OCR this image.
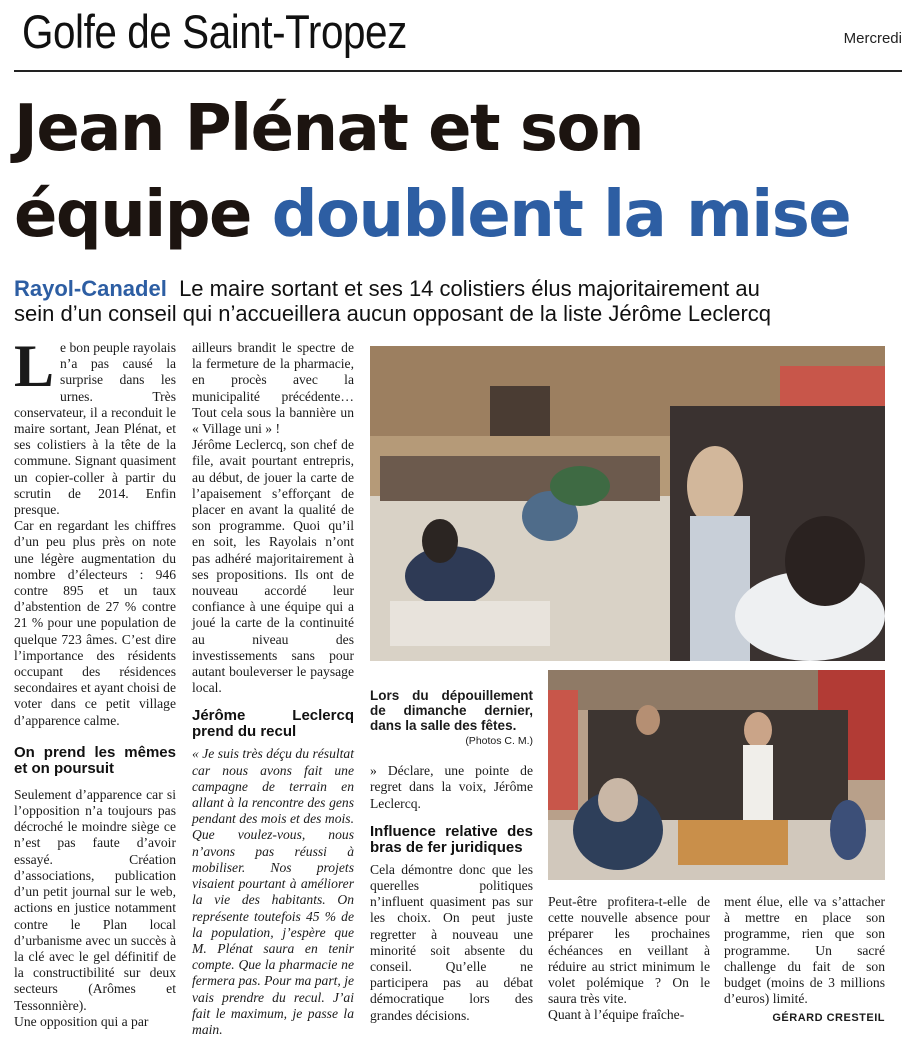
Golfe de Saint-Tropez	Mercredi
Jean Plénat et son
équipe doublent la mise
Rayol-Canadel Le maire sortant et ses 14 colistiers élus majoritairement au
sein d’un conseil qui n’accueillera aucun opposant de la liste Jérôme Leclercq

Le bon peuple rayolais n’a pas causé la surprise dans les urnes. Très conservateur, il a reconduit le maire sortant, Jean Plénat, et ses colistiers à la tête de la commune. Signant quasiment un copier-coller à partir du scrutin de 2014. Enfin presque.

Car en regardant les chiffres d’un peu plus près on note une légère augmentation du nombre d’électeurs : 946 contre 895 et un taux d’abstention de 27 % contre 21 % pour une population de quelque 723 âmes. C’est dire l’importance des résidents occupant des résidences secondaires et ayant choisi de voter dans ce petit village d’apparence calme.

On prend les mêmes et on poursuit

Seulement d’apparence car si l’opposition n’a toujours pas décroché le moindre siège ce n’est pas faute d’avoir essayé. Création d’associations, publication d’un petit journal sur le web, actions en justice notamment contre le Plan local d’urbanisme avec un succès à la clé avec le gel définitif de la constructibilité sur deux secteurs (Arômes et Tessonnière).

Une opposition qui a par

ailleurs brandit le spectre de la fermeture de la pharmacie, en procès avec la municipalité précédente… Tout cela sous la bannière un « Village uni » !

Jérôme Leclercq, son chef de file, avait pourtant entrepris, au début, de jouer la carte de l’apaisement s’efforçant de placer en avant la qualité de son programme. Quoi qu’il en soit, les Rayolais n’ont pas adhéré majoritairement à ses propositions. Ils ont de nouveau accordé leur confiance à une équipe qui a joué la carte de la continuité au niveau des investissements sans pour autant bouleverser le paysage local.

Jérôme Leclercq prend du recul

« Je suis très déçu du résultat car nous avons fait une campagne de terrain en allant à la rencontre des gens pendant des mois et des mois. Que voulez-vous, nous n’avons pas réussi à mobiliser. Nos projets visaient pourtant à améliorer la vie des habitants. On représente toutefois 45 % de la population, j’espère que M. Plénat saura en tenir compte. Que la pharmacie ne fermera pas. Pour ma part, je vais prendre du recul. J’ai fait le maximum, je passe la main.

Lors du dépouillement de dimanche dernier, dans la salle des fêtes.

(Photos C. M.)

» Déclare, une pointe de regret dans la voix, Jérôme Leclercq.

Influence relative des bras de fer juridiques

Cela démontre donc que les querelles politiques n’influent quasiment pas sur les choix. On peut juste regretter à nouveau une minorité soit absente du conseil. Qu’elle ne participera pas au débat démocratique lors des grandes décisions.

Peut-être profitera-t-elle de cette nouvelle absence pour préparer les prochaines échéances en veillant à réduire au strict minimum le volet polémique ? On le saura très vite.

Quant à l’équipe fraîche-

ment élue, elle va s’attacher à mettre en place son programme, rien que son programme. Un sacré challenge du fait de son budget (moins de 3 millions d’euros) limité.

GÉRARD CRESTEIL
